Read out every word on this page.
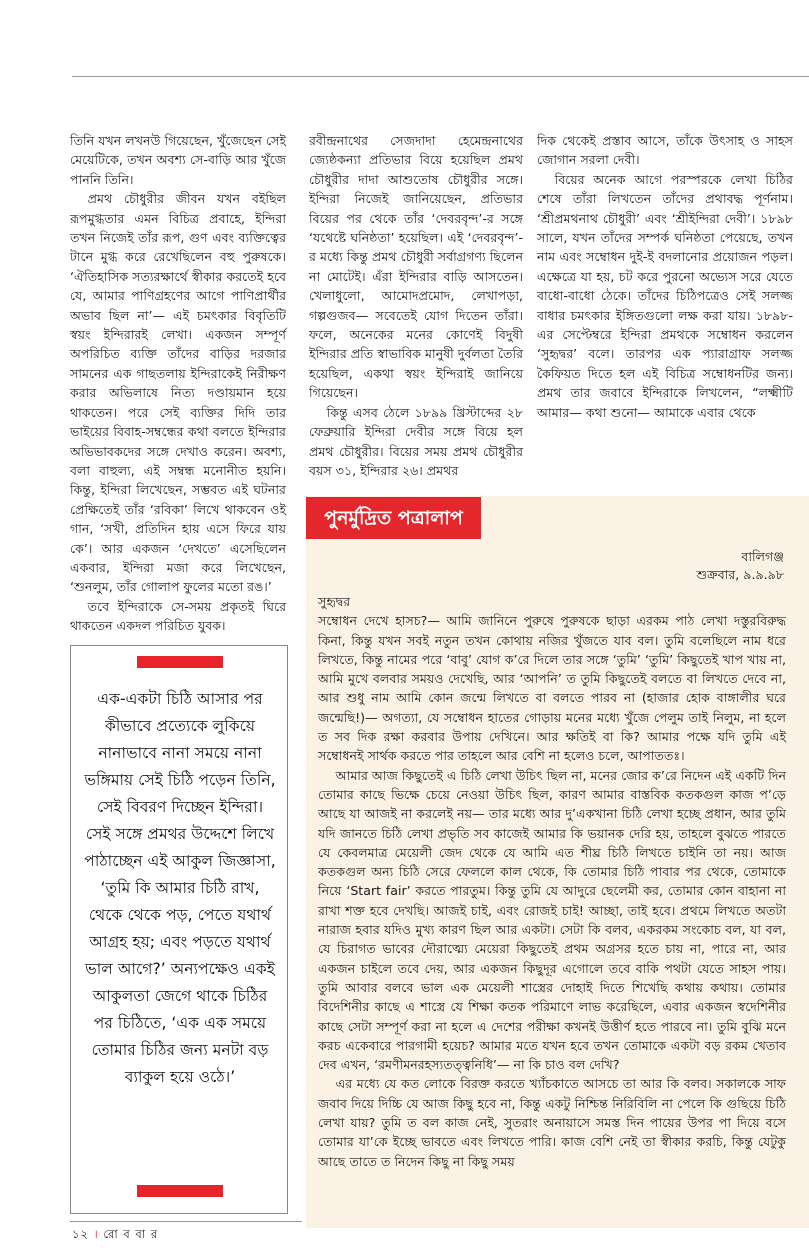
তিনি যখন লখনউ গিয়েছেন, খুঁজেছেন সেই মেয়েটিকে, তখন অবশ্য সে-বাড়ি আর খুঁজে পাননি তিনি।

প্রমথ চৌধুরীর জীবন যখন বইছিল রূপমুগ্ধতার এমন বিচিত্র প্রবাহে, ইন্দিরা তখন নিজেই তাঁর রূপ, গুণ এবং ব্যক্তিত্বের টানে মুগ্ধ করে রেখেছিলেন বহু পুরুষকে। ‘ঐতিহাসিক সত্যরক্ষার্থে স্বীকার করতেই হবে যে, আমার পাণিগ্রহণের আগে পাণিপ্রার্থীর অভাব ছিল না’— এই চমৎকার বিবৃতিটি স্বয়ং ইন্দিরারই লেখা। একজন সম্পূর্ণ অপরিচিত ব্যক্তি তাঁদের বাড়ির দরজার সামনের এক গাছতলায় ইন্দিরাকেই নিরীক্ষণ করার অভিলাষে নিত্য দণ্ডায়মান হয়ে থাকতেন। পরে সেই ব্যক্তির দিদি তার ভাইয়ের বিবাহ-সম্বন্ধের কথা বলতে ইন্দিরার অভিভাবকদের সঙ্গে দেখাও করেন। অবশ্য, বলা বাহুল্য, এই সম্বন্ধ মনোনীত হয়নি। কিন্তু, ইন্দিরা লিখেছেন, সম্ভবত এই ঘটনার প্রেক্ষিতেই তাঁর ‘রবিকা’ লিখে থাকবেন ওই গান, ‘সখী, প্রতিদিন হায় এসে ফিরে যায় কে’। আর একজন ‘দেখতে’ এসেছিলেন একবার, ইন্দিরা মজা করে লিখেছেন, ‘শুনলুম, তাঁর গোলাপ ফুলের মতো রঙ।’

তবে ইন্দিরাকে সে-সময় প্রকৃতই ঘিরে থাকতেন একদল পরিচিত যুবক।

রবীন্দ্রনাথের সেজদাদা হেমেন্দ্রনাথের জ্যেষ্ঠকন্যা প্রতিভার বিয়ে হয়েছিল প্রমথ চৌধুরীর দাদা আশুতোষ চৌধুরীর সঙ্গে। ইন্দিরা নিজেই জানিয়েছেন, প্রতিভার বিয়ের পর থেকে তাঁর ‘দেবরবৃন্দ’-র সঙ্গে ‘যথেষ্টে ঘনিষ্ঠতা’ হয়েছিল। এই ‘দেবরবৃন্দ’-র মধ্যে কিন্তু প্রমথ চৌধুরী সর্বাগ্রগণ্য ছিলেন না মোটেই। এঁরা ইন্দিরার বাড়ি আসতেন। খেলাধুলো, আমোদপ্রমোদ, লেখাপড়া, গল্পগুজব— সবেতেই যোগ দিতেন তাঁরা। ফলে, অনেকের মনের কোণেই বিদুষী ইন্দিরার প্রতি স্বাভাবিক মানুষী দুর্বলতা তৈরি হয়েছিল, একথা স্বয়ং ইন্দিরাই জানিয়ে গিয়েছেন।

কিন্তু এসব ঠেলে ১৮৯৯ খ্রিস্টাব্দের ২৮ ফেব্রুয়ারি ইন্দিরা দেবীর সঙ্গে বিয়ে হল প্রমথ চৌধুরীর। বিয়ের সময় প্রমথ চৌধুরীর বয়স ৩১, ইন্দিরার ২৬। প্রমথর

দিক থেকেই প্রস্তাব আসে, তাঁকে উৎসাহ ও সাহস জোগান সরলা দেবী।

বিয়ের অনেক আগে পরস্পরকে লেখা চিঠির শেষে তাঁরা লিখতেন তাঁদের প্রথাবদ্ধ পূর্ণনাম। ‘শ্রীপ্রমথনাথ চৌধুরী’ এবং ‘শ্রীইন্দিরা দেবী’। ১৮৯৮ সালে, যখন তাঁদের সম্পর্ক ঘনিষ্ঠতা পেয়েছে, তখন নাম এবং সম্বোধন দুই-ই বদলানোর প্রয়োজন পড়ল। এক্ষেত্রে যা হয়, চট করে পুরনো অভ্যেস সরে যেতে বাধো-বাধো ঠেকে। তাঁদের চিঠিপত্রেও সেই সলজ্জ বাধার চমৎকার ইঙ্গিতগুলো লক্ষ করা যায়। ১৮৯৮-এর সেপ্টেম্বরে ইন্দিরা প্রমথকে সম্বোধন করলেন ‘সুহৃদ্বর’ বলে। তারপর এক প্যারাগ্রাফ সলজ্জ কৈফিয়ত দিতে হল এই বিচিত্র সম্বোধনটির জন্য। প্রমথ তার জবাবে ইন্দিরাকে লিখলেন, “লক্ষ্মীটি আমার— কথা শুনো— আমাকে এবার থেকে

এক-একটা চিঠি আসার পর কীভাবে প্রত্যেকে লুকিয়ে নানাভাবে নানা সময়ে নানা ভঙ্গিমায় সেই চিঠি পড়েন তিনি, সেই বিবরণ দিচ্ছেন ইন্দিরা। সেই সঙ্গে প্রমথর উদ্দেশে লিখে পাঠাচ্ছেন এই আকুল জিজ্ঞাসা, ‘তুমি কি আমার চিঠি রাখ, থেকে থেকে পড়, পেতে যথার্থ আগ্রহ হয়; এবং পড়তে যথার্থ ভাল আগে?’ অন্যপক্ষেও একই আকুলতা জেগে থাকে চিঠির পর চিঠিতে, ‘এক এক সময়ে তোমার চিঠির জন্য মনটা বড় ব্যাকুল হয়ে ওঠে।’
পুনর্মুদ্রিত পত্রালাপ
বালিগঞ্জ
শুক্রবার, ৯.৯.৯৮

সুহৃদ্বর

সম্বোধন দেখে হাসচ?— আমি জানিনে পুরুষে পুরুষকে ছাড়া এরকম পাঠ লেখা দস্তুরবিরুদ্ধ কিনা, কিন্তু যখন সবই নতুন তখন কোথায় নজির খুঁজতে যাব বল। তুমি বলেছিলে নাম ধরে লিখতে, কিন্তু নামের পরে ‘বাবু’ যোগ ক’রে দিলে তার সঙ্গে ‘তুমি’ ‘তুমি’ কিছুতেই খাপ খায় না, আমি মুখে বলবার সময়ও দেখেছি, আর ‘আপনি’ ত তুমি কিছুতেই বলতে বা লিখতে দেবে না, আর শুধু নাম আমি কোন জন্মে লিখতে বা বলতে পারব না (হাজার হোক বাঙ্গালীর ঘরে জন্মেছি!)— অগত্যা, যে সম্বোধন হাতের গোড়ায় মনের মধ্যে খুঁজে পেলুম তাই নিলুম, না হলে ত সব দিক রক্ষা করবার উপায় দেখিনে। আর ক্ষতিই বা কি? আমার পক্ষে যদি তুমি এই সম্বোধনই সার্থক করতে পার তাহলে আর বেশি না হলেও চলে, আপাততঃ।

আমার আজ কিছুতেই এ চিঠি লেখা উচিৎ ছিল না, মনের জোর ক’রে নিদেন এই একটি দিন তোমার কাছে ভিক্ষে চেয়ে নেওয়া উচিৎ ছিল, কারণ আমার বাস্তবিক কতকগুল কাজ প’ড়ে আছে যা আজই না করলেই নয়— তার মধ্যে আর দু’একখানা চিঠি লেখা হচ্ছে প্রধান, আর তুমি যদি জানতে চিঠি লেখা প্রভৃতি সব কাজেই আমার কি ভয়ানক দেরি হয়, তাহলে বুঝতে পারতে যে কেবলমাত্র মেয়েলী জেদ থেকে যে আমি এত শীঘ্র চিঠি লিখতে চাইনি তা নয়। আজ কতকগুল অন্য চিঠি সেরে ফেললে কাল থেকে, কি তোমার চিঠি পাবার পর থেকে, তোমাকে নিয়ে ‘Start fair’ করতে পারতুম। কিন্তু তুমি যে আদুরে ছেলেমী কর, তোমার কোন বাহানা না রাখা শক্ত হবে দেখছি। আজই চাই, এবং রোজই চাই! আচ্ছা, তাই হবে। প্রথমে লিখতে অতটা নারাজ হবার যদিও মুখ্য কারণ ছিল আর একটা। সেটা কি বলব, একরকম সংকোচ বল, যা বল, যে চিরাগত ভাবের দৌরাত্ম্যে মেয়েরা কিছুতেই প্রথম অগ্রসর হতে চায় না, পারে না, আর একজন চাইলে তবে দেয়, আর একজন কিছুদূর এগোলে তবে বাকি পথটা যেতে সাহস পায়। তুমি আবার বলবে ভাল এক মেয়েলী শাস্ত্রের দোহাই দিতে শিখেছি কথায় কথায়। তোমার বিদেশিনীর কাছে এ শাস্ত্রে যে শিক্ষা কতক পরিমাণে লাভ করেছিলে, এবার একজন স্বদেশিনীর কাছে সেটা সম্পূর্ণ করা না হলে এ দেশের পরীক্ষা কখনই উত্তীর্ণ হতে পারবে না। তুমি বুঝি মনে করচ একেবারে পারগামী হয়েচ? আমার মতে যখন হবে তখন তোমাকে একটা বড় রকম খেতাব দেব এখন, ‘রমণীমনরহস্যতত্ত্বনিধি’— না কি চাও বল দেখি?

এর মধ্যে যে কত লোকে বিরক্ত করতে খ্যাঁচকাতে আসচে তা আর কি বলব। সকালকে সাফ জবাব দিয়ে দিচ্চি যে আজ কিছু হবে না, কিন্তু একটু নিশ্চিন্ত নিরিবিলি না পেলে কি গুছিয়ে চিঠি লেখা যায়? তুমি ত বল কাজ নেই, সুতরাং অনায়াসে সমস্ত দিন পায়ের উপর পা দিয়ে বসে তোমার যা’কে ইচ্ছে ভাবতে এবং লিখতে পারি। কাজ বেশি নেই তা স্বীকার করচি, কিন্তু যেটুকু আছে তাতে ত নিদেন কিছু না কিছু সময়

১২ । রো ব বা র
